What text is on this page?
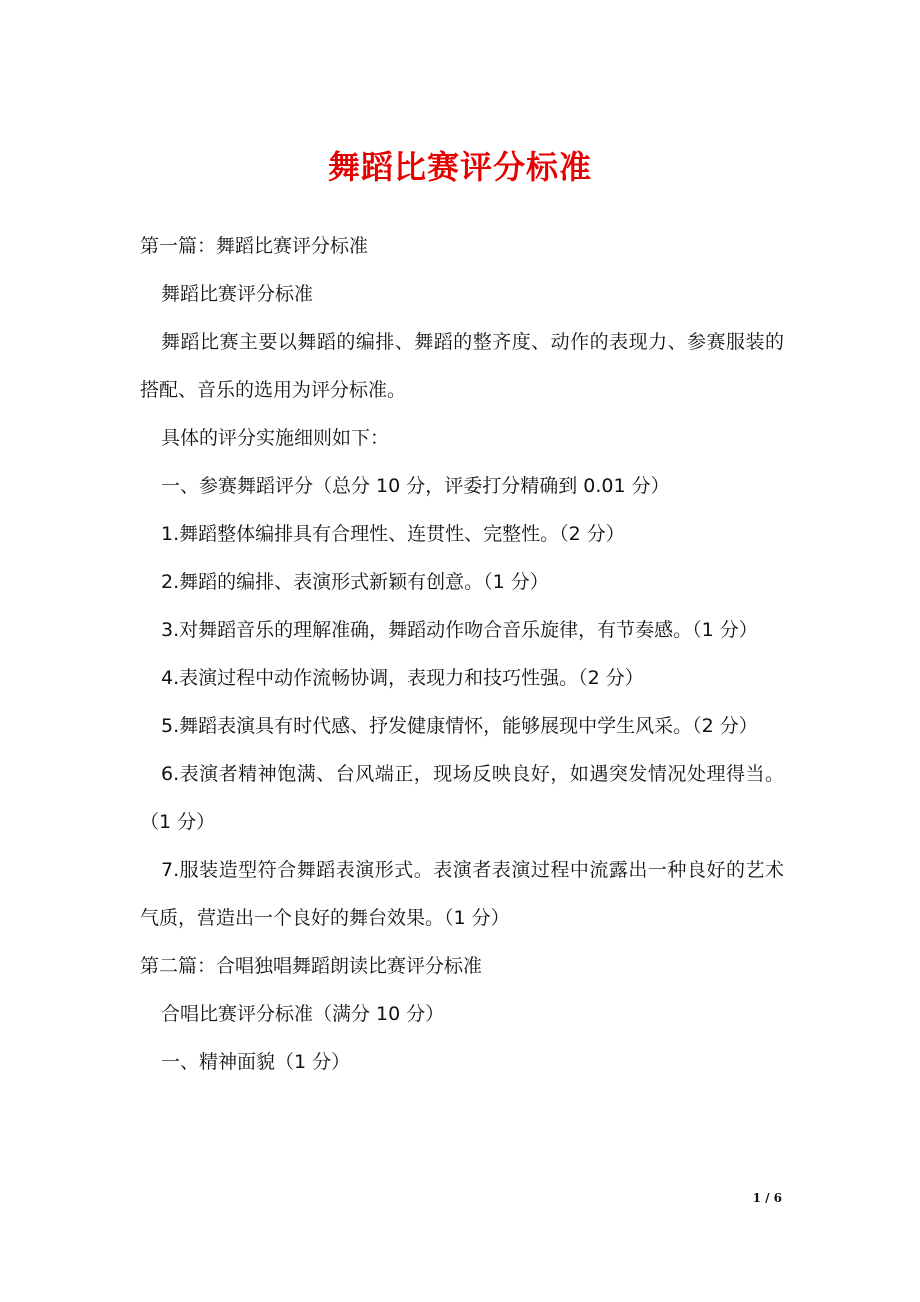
舞蹈比赛评分标准

第一篇：舞蹈比赛评分标准

舞蹈比赛评分标准

舞蹈比赛主要以舞蹈的编排、舞蹈的整齐度、动作的表现力、参赛服装的搭配、音乐的选用为评分标准。

具体的评分实施细则如下：

一、参赛舞蹈评分（总分 10 分，评委打分精确到 0.01 分）

1.舞蹈整体编排具有合理性、连贯性、完整性。（2 分）

2.舞蹈的编排、表演形式新颖有创意。（1 分）

3.对舞蹈音乐的理解准确，舞蹈动作吻合音乐旋律，有节奏感。（1 分）

4.表演过程中动作流畅协调，表现力和技巧性强。（2 分）

5.舞蹈表演具有时代感、抒发健康情怀，能够展现中学生风采。（2 分）

6.表演者精神饱满、台风端正，现场反映良好，如遇突发情况处理得当。（1 分）

7.服装造型符合舞蹈表演形式。表演者表演过程中流露出一种良好的艺术气质，营造出一个良好的舞台效果。（1 分）

第二篇：合唱独唱舞蹈朗读比赛评分标准

合唱比赛评分标准（满分 10 分）

一、精神面貌（1 分）

1 / 6
